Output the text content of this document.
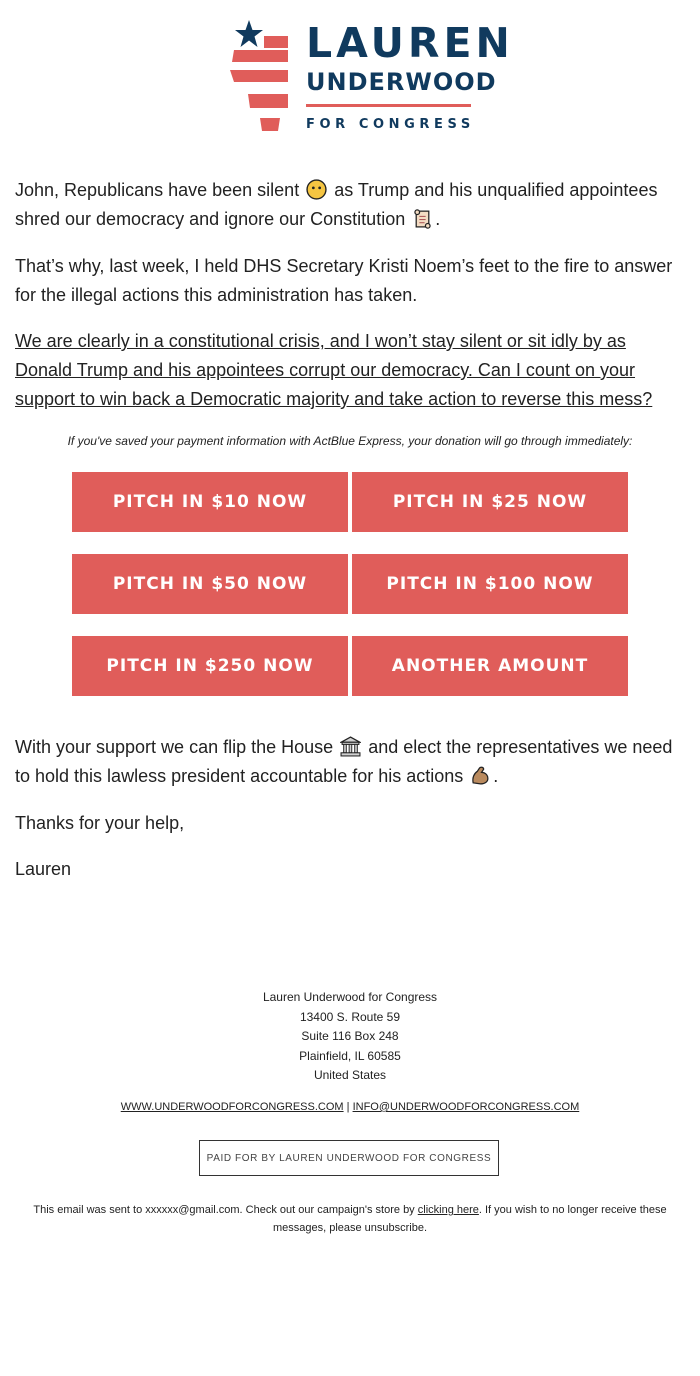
LAUREN
UNDERWOOD
FOR CONGRESS

John, Republicans have been silent as Trump and his unqualified appointees shred our democracy and ignore our Constitution .

That’s why, last week, I held DHS Secretary Kristi Noem’s feet to the fire to answer for the illegal actions this administration has taken.

We are clearly in a constitutional crisis, and I won’t stay silent or sit idly by as Donald Trump and his appointees corrupt our democracy. Can I count on your support to win back a Democratic majority and take action to reverse this mess?

If you've saved your payment information with ActBlue Express, your donation will go through immediately:
PITCH IN $10 NOW	PITCH IN $25 NOW
PITCH IN $50 NOW	PITCH IN $100 NOW
PITCH IN $250 NOW	ANOTHER AMOUNT

With your support we can flip the House and elect the representatives we need to hold this lawless president accountable for his actions .

Thanks for your help,

Lauren

Lauren Underwood for Congress
13400 S. Route 59
Suite 116 Box 248
Plainfield, IL 60585
United States
WWW.UNDERWOODFORCONGRESS.COM | INFO@UNDERWOODFORCONGRESS.COM
PAID FOR BY LAUREN UNDERWOOD FOR CONGRESS
This email was sent to xxxxxx@gmail.com. Check out our campaign's store by clicking here. If you wish to no longer receive these messages, please unsubscribe.
